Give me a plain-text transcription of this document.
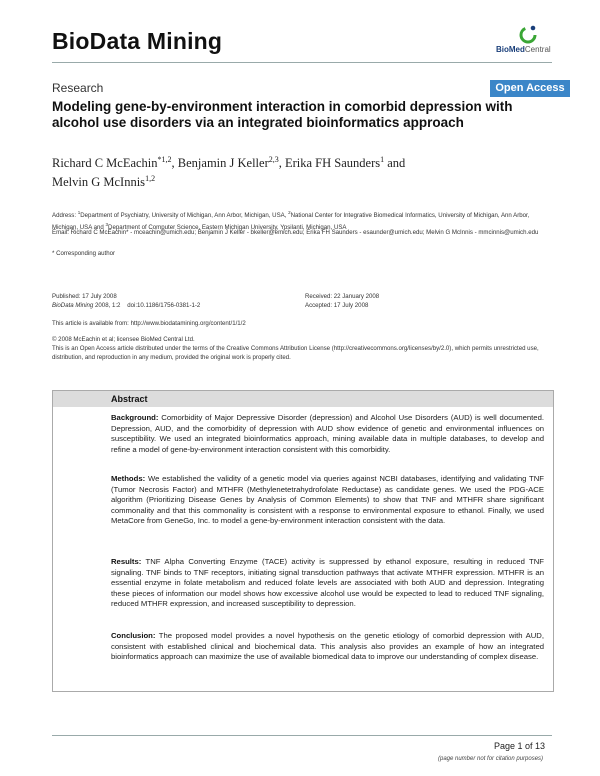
BioData Mining	BioMedCentral
Research	Open Access
Modeling gene-by-environment interaction in comorbid depression with alcohol use disorders via an integrated bioinformatics approach
Richard C McEachin$^{*1,2}$, Benjamin J Keller$^{2,3}$, Erika FH Saunders$^1$ and
Melvin G McInnis$^{1,2}$
Address: $^1$Department of Psychiatry, University of Michigan, Ann Arbor, Michigan, USA, $^2$National Center for Integrative Biomedical Informatics, University of Michigan, Ann Arbor, Michigan, USA and $^3$Department of Computer Science, Eastern Michigan University, Ypsilanti, Michigan, USA
Email: Richard C McEachin* - mceachin@umich.edu; Benjamin J Keller - bkeller@emich.edu; Erika FH Saunders - esaunder@umich.edu; Melvin G McInnis - mmcinnis@umich.edu
* Corresponding author
Published: 17 July 2008
BioData Mining 2008, 1:2    doi:10.1186/1756-0381-1-2
Received: 22 January 2008
Accepted: 17 July 2008
This article is available from: http://www.biodatamining.org/content/1/1/2
© 2008 McEachin et al; licensee BioMed Central Ltd.
This is an Open Access article distributed under the terms of the Creative Commons Attribution License (http://creativecommons.org/licenses/by/2.0), which permits unrestricted use, distribution, and reproduction in any medium, provided the original work is properly cited.
Abstract
Background: Comorbidity of Major Depressive Disorder (depression) and Alcohol Use Disorders (AUD) is well documented. Depression, AUD, and the comorbidity of depression with AUD show evidence of genetic and environmental influences on susceptibility. We used an integrated bioinformatics approach, mining available data in multiple databases, to develop and refine a model of gene-by-environment interaction consistent with this comorbidity.
Methods: We established the validity of a genetic model via queries against NCBI databases, identifying and validating TNF (Tumor Necrosis Factor) and MTHFR (Methylenetetrahydrofolate Reductase) as candidate genes. We used the PDG-ACE algorithm (Prioritizing Disease Genes by Analysis of Common Elements) to show that TNF and MTHFR share significant commonality and that this commonality is consistent with a response to environmental exposure to ethanol. Finally, we used MetaCore from GeneGo, Inc. to model a gene-by-environment interaction consistent with the data.
Results: TNF Alpha Converting Enzyme (TACE) activity is suppressed by ethanol exposure, resulting in reduced TNF signaling. TNF binds to TNF receptors, initiating signal transduction pathways that activate MTHFR expression. MTHFR is an essential enzyme in folate metabolism and reduced folate levels are associated with both AUD and depression. Integrating these pieces of information our model shows how excessive alcohol use would be expected to lead to reduced TNF signaling, reduced MTHFR expression, and increased susceptibility to depression.
Conclusion: The proposed model provides a novel hypothesis on the genetic etiology of comorbid depression with AUD, consistent with established clinical and biochemical data. This analysis also provides an example of how an integrated bioinformatics approach can maximize the use of available biomedical data to improve our understanding of complex disease.
Page 1 of 13
(page number not for citation purposes)
